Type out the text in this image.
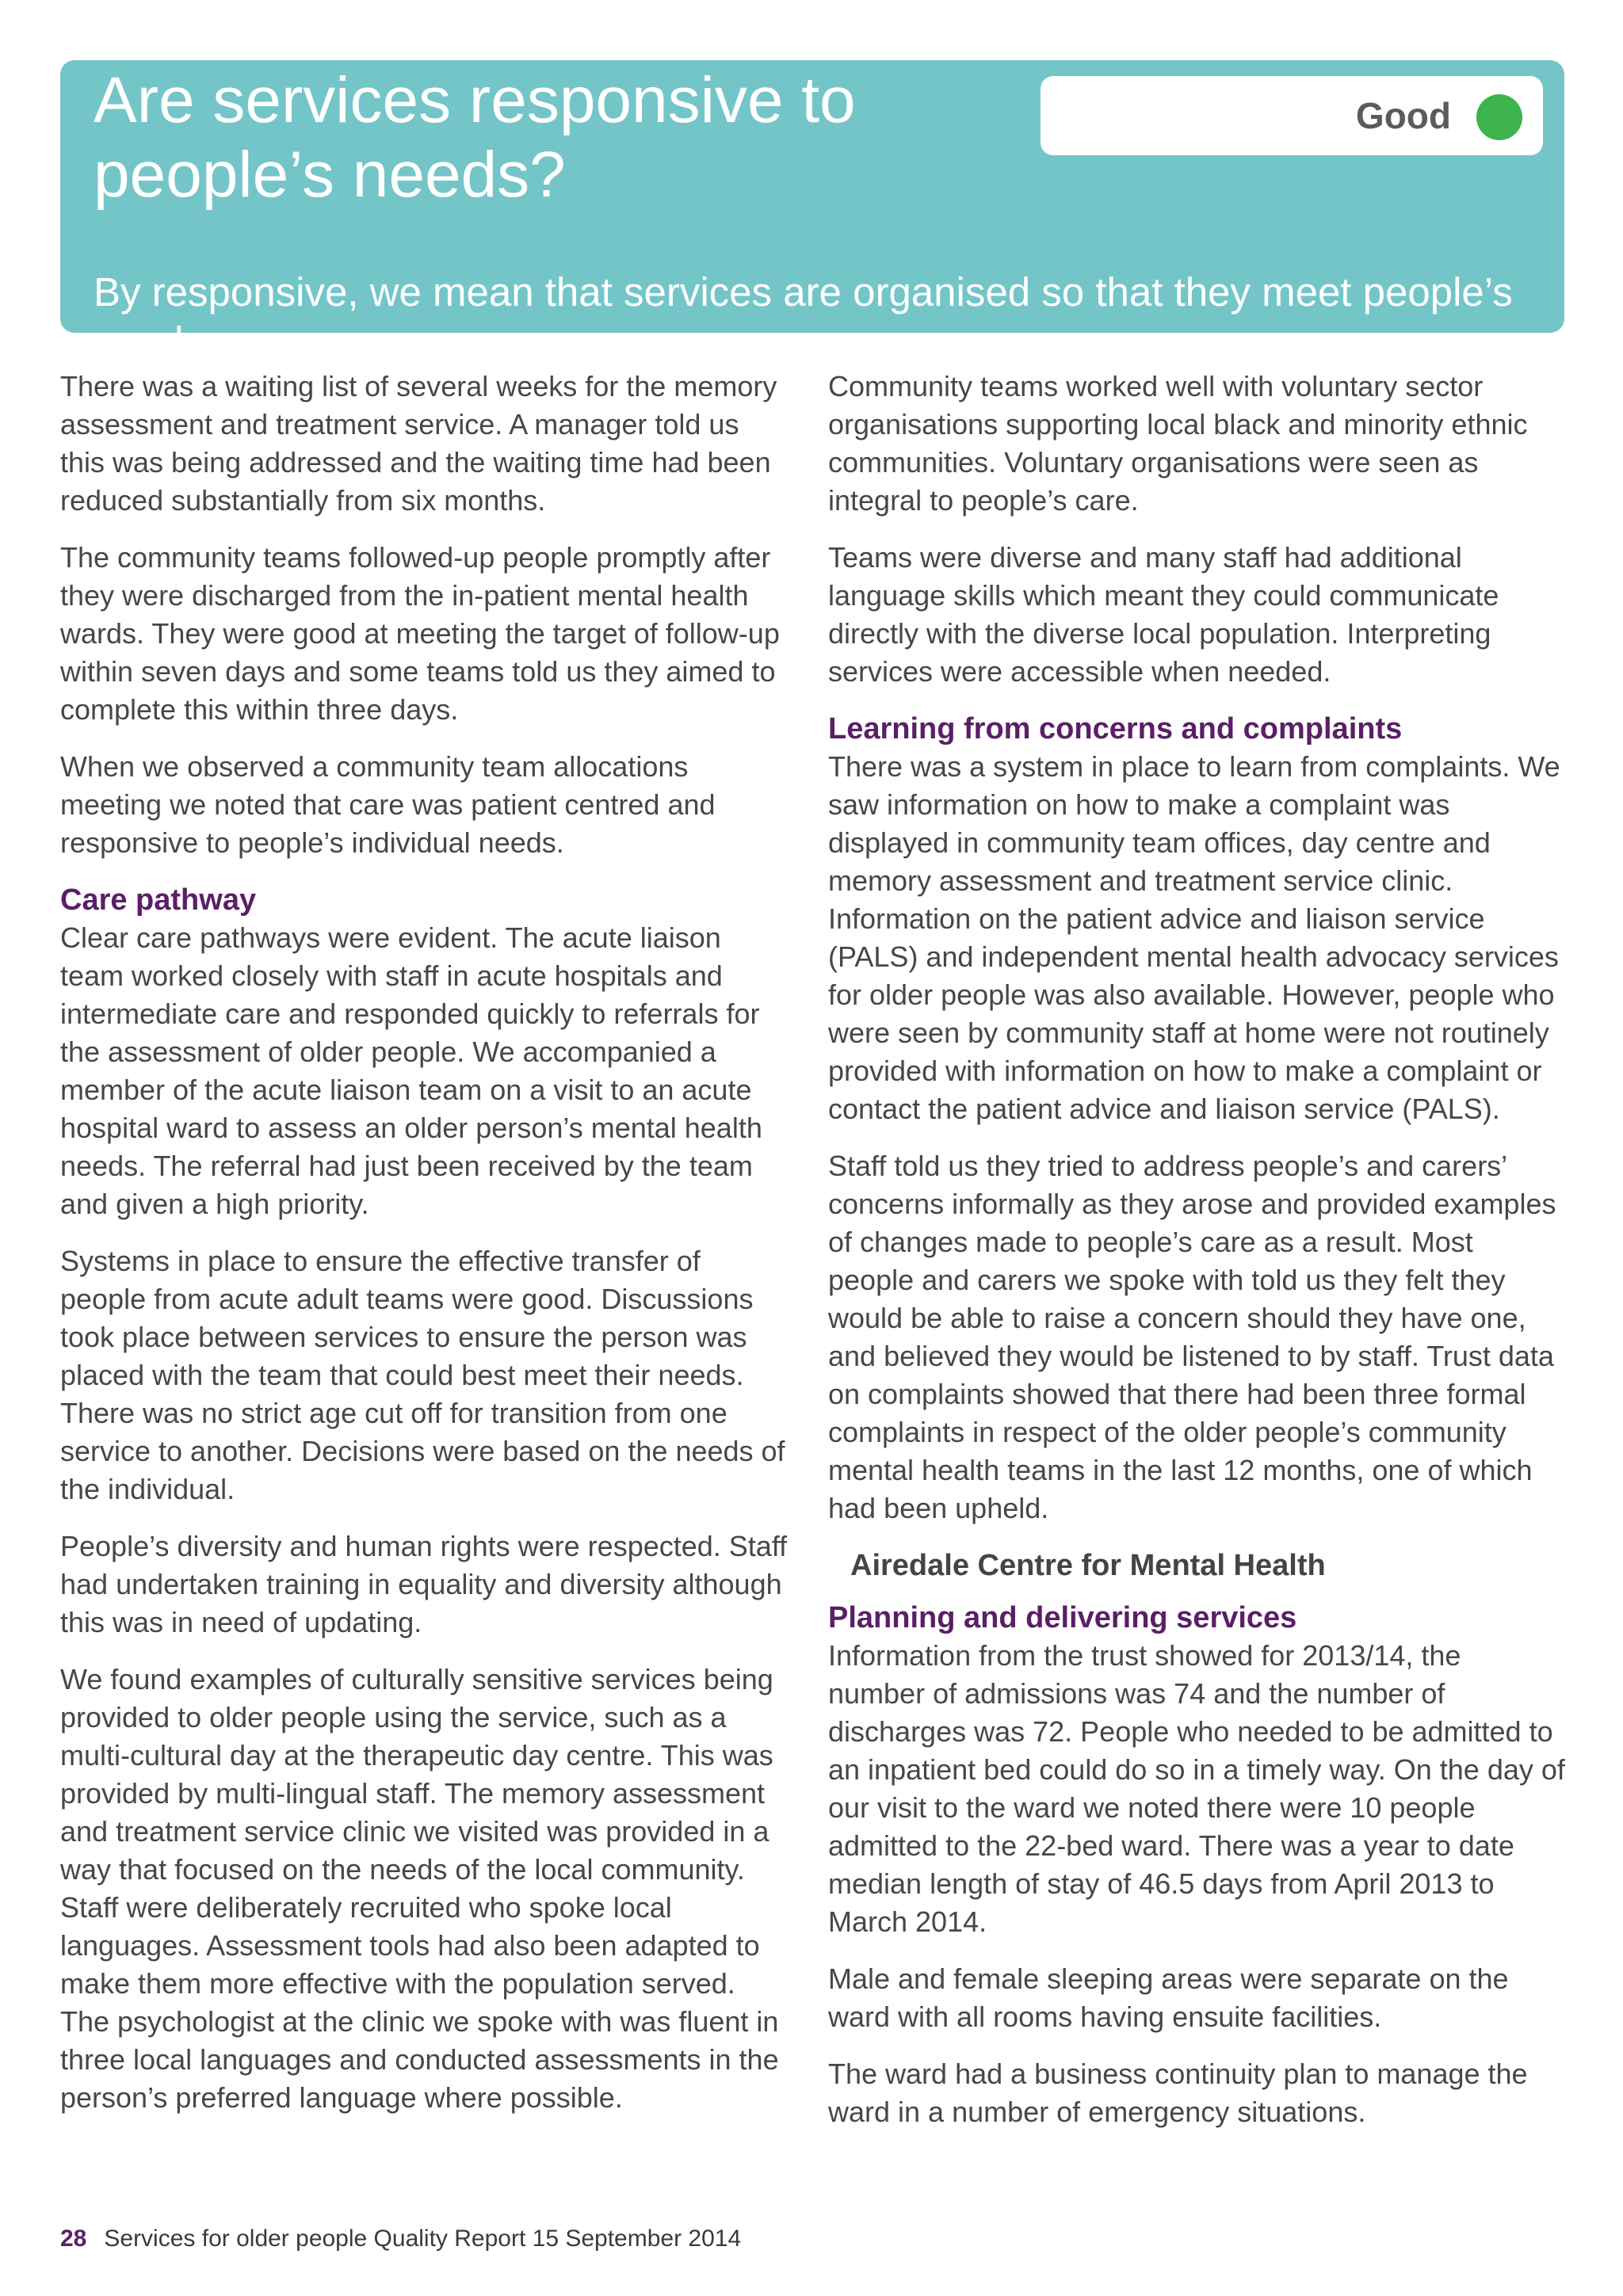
Are services responsive to people’s needs?
Good

By responsive, we mean that services are organised so that they meet people’s needs.

There was a waiting list of several weeks for the memory assessment and treatment service. A manager told us this was being addressed and the waiting time had been reduced substantially from six months.

The community teams followed-up people promptly after they were discharged from the in-patient mental health wards. They were good at meeting the target of follow-up within seven days and some teams told us they aimed to complete this within three days.

When we observed a community team allocations meeting we noted that care was patient centred and responsive to people’s individual needs.

Care pathway

Clear care pathways were evident. The acute liaison team worked closely with staff in acute hospitals and intermediate care and responded quickly to referrals for the assessment of older people. We accompanied a member of the acute liaison team on a visit to an acute hospital ward to assess an older person’s mental health needs. The referral had just been received by the team and given a high priority.

Systems in place to ensure the effective transfer of people from acute adult teams were good. Discussions took place between services to ensure the person was placed with the team that could best meet their needs. There was no strict age cut off for transition from one service to another. Decisions were based on the needs of the individual.

People’s diversity and human rights were respected. Staff had undertaken training in equality and diversity although this was in need of updating.

We found examples of culturally sensitive services being provided to older people using the service, such as a multi-cultural day at the therapeutic day centre. This was provided by multi-lingual staff. The memory assessment and treatment service clinic we visited was provided in a way that focused on the needs of the local community. Staff were deliberately recruited who spoke local languages. Assessment tools had also been adapted to make them more effective with the population served. The psychologist at the clinic we spoke with was fluent in three local languages and conducted assessments in the person’s preferred language where possible.

Community teams worked well with voluntary sector organisations supporting local black and minority ethnic communities. Voluntary organisations were seen as integral to people’s care.

Teams were diverse and many staff had additional language skills which meant they could communicate directly with the diverse local population. Interpreting services were accessible when needed.

Learning from concerns and complaints

There was a system in place to learn from complaints. We saw information on how to make a complaint was displayed in community team offices, day centre and memory assessment and treatment service clinic. Information on the patient advice and liaison service (PALS) and independent mental health advocacy services for older people was also available. However, people who were seen by community staff at home were not routinely provided with information on how to make a complaint or contact the patient advice and liaison service (PALS).

Staff told us they tried to address people’s and carers’ concerns informally as they arose and provided examples of changes made to people’s care as a result. Most people and carers we spoke with told us they felt they would be able to raise a concern should they have one, and believed they would be listened to by staff. Trust data on complaints showed that there had been three formal complaints in respect of the older people’s community mental health teams in the last 12 months, one of which had been upheld.

Airedale Centre for Mental Health
Planning and delivering services

Information from the trust showed for 2013/14, the number of admissions was 74 and the number of discharges was 72. People who needed to be admitted to an inpatient bed could do so in a timely way. On the day of our visit to the ward we noted there were 10 people admitted to the 22-bed ward. There was a year to date median length of stay of 46.5 days from April 2013 to March 2014.

Male and female sleeping areas were separate on the ward with all rooms having ensuite facilities.

The ward had a business continuity plan to manage the ward in a number of emergency situations.

28 Services for older people Quality Report 15 September 2014
